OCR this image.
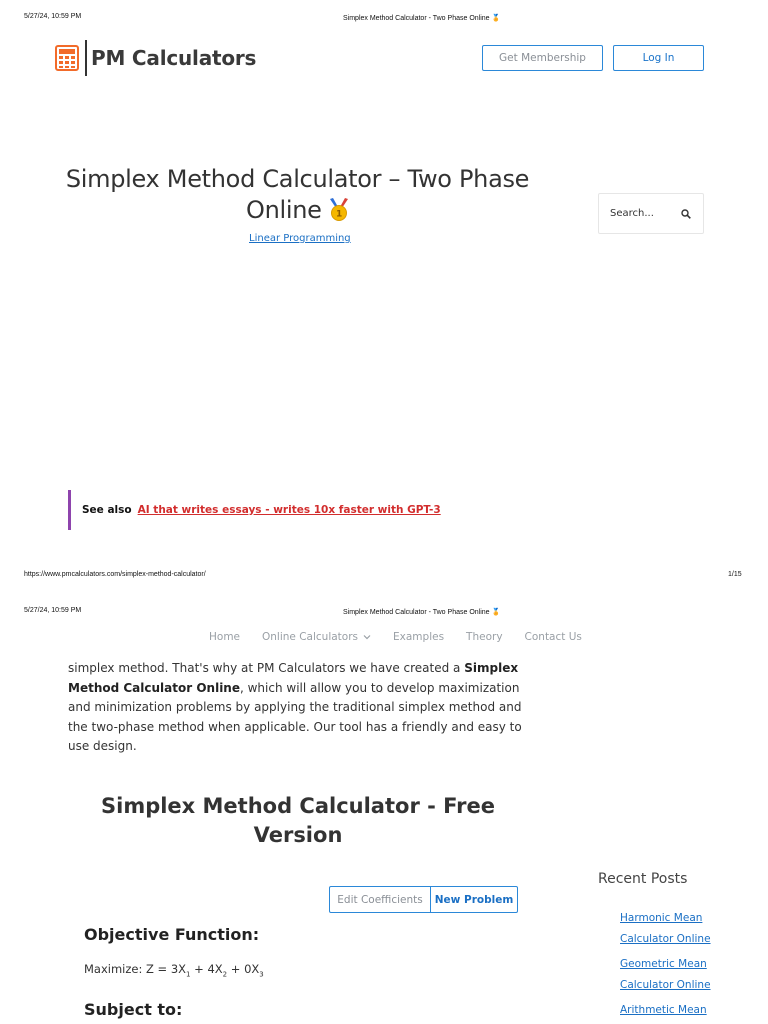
5/27/24, 10:59 PM	Simplex Method Calculator - Two Phase Online 🏅
PM Calculators	Get Membership	Log In
Simplex Method Calculator – Two Phase
Online 1
Linear Programming
Search...
See also AI that writes essays - writes 10x faster with GPT-3
https://www.pmcalculators.com/simplex-method-calculator/	1/15
5/27/24, 10:59 PM	Simplex Method Calculator - Two Phase Online 🏅
Home Online Calculators	Examples Theory Contact Us

simplex method. That's why at PM Calculators we have created a Simplex Method Calculator Online, which will allow you to develop maximization and minimization problems by applying the traditional simplex method and the two-phase method when applicable. Our tool has a friendly and easy to use design.

Simplex Method Calculator - Free
Version
Edit Coefficients	New Problem
Objective Function:
Maximize: $Z = 3X_1 + 4X_2 + 0X_3$
Subject to:
Recent Posts
Harmonic Mean
Calculator Online
Geometric Mean
Calculator Online
Arithmetic Mean
